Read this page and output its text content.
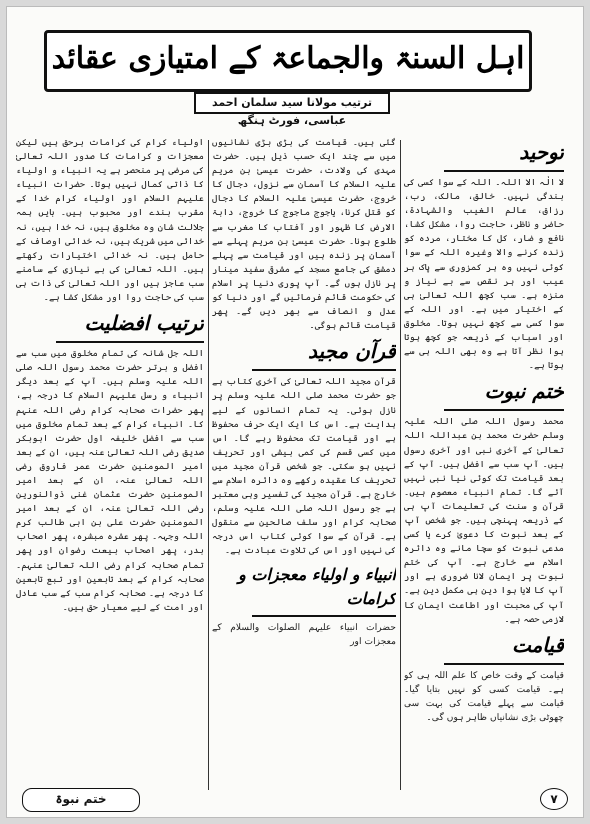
اہل السنۃ والجماعۃ کے امتیازی عقائد
ترتیب مولانا سید سلمان احمد عباسی، فورٹ ہنگھ
توحید

لا الٰہ الا اللہ۔ اللہ کے سوا کسی کی بندگی نہیں۔ خالق، مالک، رب، رزاق، عالم الغیب والشہادۃ، حاضر و ناظر، حاجت روا، مشکل کشا، نافع و ضار، کل کا مختار، مردہ کو زندہ کرنے والا وغیرہ اللہ کے سوا کوئی نہیں وہ ہر کمزوری سے پاک ہر عیب اور ہر نقص سے بے نیاز و منزہ ہے۔ سب کچھ اللہ تعالیٰ ہی کے اختیار میں ہے۔ اور اللہ کے سوا کسی سے کچھ نہیں ہوتا۔ مخلوق اور اسباب کے ذریعہ جو کچھ ہوتا ہوا نظر آتا ہے وہ بھی اللہ ہی سے ہوتا ہے۔

ختم نبوت

محمد رسول اللہ صلی اللہ علیہ وسلم حضرت محمد بن عبداللہ اللہ تعالیٰ کے آخری نبی اور آخری رسول ہیں۔ آپ سب سے افضل ہیں۔ آپ کے بعد قیامت تک کوئی نیا نبی نہیں آئے گا۔ تمام انبیاء معصوم ہیں۔ قرآن و سنت کی تعلیمات آپ ہی کے ذریعہ پہنچی ہیں۔ جو شخص آپ کے بعد نبوت کا دعویٰ کرے یا کسی مدعی نبوت کو سچا مانے وہ دائرہ اسلام سے خارج ہے۔ آپ کی ختم نبوت پر ایمان لانا ضروری ہے اور آپ کا لایا ہوا دین ہی مکمل دین ہے۔ آپ کی محبت اور اطاعت ایمان کا لازمی حصہ ہے۔

قیامت

قیامت کے وقت خاص کا علم اللہ ہی کو ہے۔ قیامت کسی کو نہیں بتایا گیا۔ قیامت سے پہلے قیامت کی بہت سی چھوٹی بڑی نشانیاں ظاہر ہوں گی۔

گئی ہیں۔ قیامت کی بڑی بڑی نشانیوں میں سے چند ایک حسب ذیل ہیں۔ حضرت مہدی کی ولادت، حضرت عیسیٰ بن مریم علیہ السلام کا آسمان سے نزول، دجال کا خروج، حضرت عیسیٰ علیہ السلام کا دجال کو قتل کرنا، یاجوج ماجوج کا خروج، دابۃ الارض کا ظہور اور آفتاب کا مغرب سے طلوع ہونا۔ حضرت عیسیٰ بن مریم پہلے سے آسمان پر زندہ ہیں اور قیامت سے پہلے دمشق کی جامع مسجد کے مشرقی سفید مینار پر نازل ہوں گے۔ آپ پوری دنیا پر اسلام کی حکومت قائم فرمائیں گے اور دنیا کو عدل و انصاف سے بھر دیں گے۔ پھر قیامت قائم ہوگی۔

قرآن مجید

قرآن مجید اللہ تعالیٰ کی آخری کتاب ہے جو حضرت محمد صلی اللہ علیہ وسلم پر نازل ہوئی۔ یہ تمام انسانوں کے لیے ہدایت ہے۔ اس کا ایک ایک حرف محفوظ ہے اور قیامت تک محفوظ رہے گا۔ اس میں کسی قسم کی کمی بیشی اور تحریف نہیں ہو سکتی۔ جو شخص قرآن مجید میں تحریف کا عقیدہ رکھے وہ دائرہ اسلام سے خارج ہے۔ قرآن مجید کی تفسیر وہی معتبر ہے جو رسول اللہ صلی اللہ علیہ وسلم، صحابہ کرام اور سلف صالحین سے منقول ہے۔ قرآن کے سوا کوئی کتاب اس درجہ کی نہیں اور اس کی تلاوت عبادت ہے۔

انبیاء و اولیاء معجزات و کرامات

حضرات انبیاء علیہم الصلوات والسلام کے معجزات اور

اولیاء کرام کی کرامات برحق ہیں لیکن معجزات و کرامات کا صدور اللہ تعالیٰ کی مرضی پر منحصر ہے یہ انبیاء و اولیاء کا ذاتی کمال نہیں ہوتا۔ حضرات انبیاء علیہم السلام اور اولیاء کرام خدا کے مقرب بندے اور محبوب ہیں۔ بایں ہمہ جلالت شان وہ مخلوق ہیں، نہ خدا ہیں، نہ خدائی میں شریک ہیں، نہ خدائی اوصاف کے حامل ہیں۔ نہ خدائی اختیارات رکھتے ہیں۔ اللہ تعالیٰ کی بے نیازی کے سامنے سب عاجز ہیں اور اللہ تعالیٰ کی ذات ہی سب کی حاجت روا اور مشکل کشا ہے۔

ترتیب افضلیت

اللہ جل شانہ کی تمام مخلوق میں سب سے افضل و برتر حضرت محمد رسول اللہ صلی اللہ علیہ وسلم ہیں۔ آپ کے بعد دیگر انبیاء و رسل علیہم السلام کا درجہ ہے، پھر حضرات صحابہ کرام رضی اللہ عنہم کا۔ انبیاء کرام کے بعد تمام مخلوق میں سب سے افضل خلیفہ اول حضرت ابوبکر صدیق رضی اللہ تعالیٰ عنہ ہیں، ان کے بعد امیر المومنین حضرت عمر فاروق رضی اللہ تعالیٰ عنہ، ان کے بعد امیر المومنین حضرت عثمان غنی ذوالنورین رضی اللہ تعالیٰ عنہ، ان کے بعد امیر المومنین حضرت علی بن ابی طالب کرم اللہ وجہہ۔ پھر عشرہ مبشرہ، پھر اصحاب بدر، پھر اصحاب بیعت رضوان اور پھر تمام صحابہ کرام رضی اللہ تعالیٰ عنہم۔ صحابہ کرام کے بعد تابعین اور تبع تابعین کا درجہ ہے۔ صحابہ کرام سب کے سب عادل اور امت کے لیے معیار حق ہیں۔

ختم نبوۃ	۷
